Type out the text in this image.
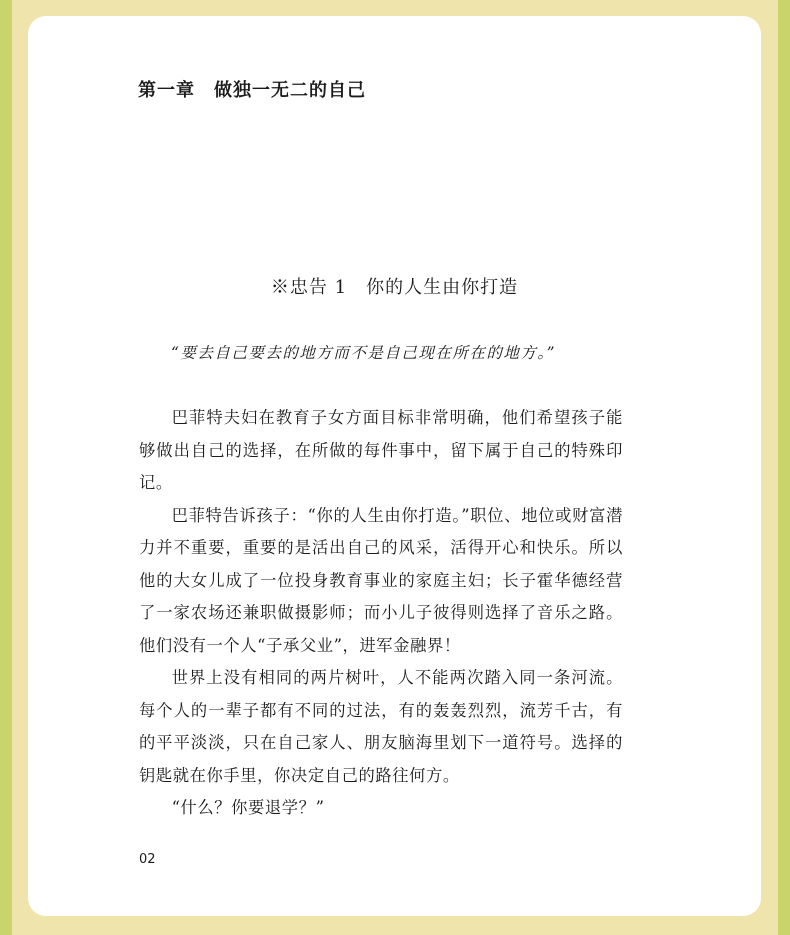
第一章　做独一无二的自己
※忠告 1　你的人生由你打造
“要去自己要去的地方而不是自己现在所在的地方。”

巴菲特夫妇在教育子女方面目标非常明确，他们希望孩子能够做出自己的选择，在所做的每件事中，留下属于自己的特殊印记。

巴菲特告诉孩子：“你的人生由你打造。”职位、地位或财富潜力并不重要，重要的是活出自己的风采，活得开心和快乐。所以他的大女儿成了一位投身教育事业的家庭主妇；长子霍华德经营了一家农场还兼职做摄影师；而小儿子彼得则选择了音乐之路。他们没有一个人“子承父业”，进军金融界！

世界上没有相同的两片树叶，人不能两次踏入同一条河流。每个人的一辈子都有不同的过法，有的轰轰烈烈，流芳千古，有的平平淡淡，只在自己家人、朋友脑海里划下一道符号。选择的钥匙就在你手里，你决定自己的路往何方。

“什么？你要退学？”

02
